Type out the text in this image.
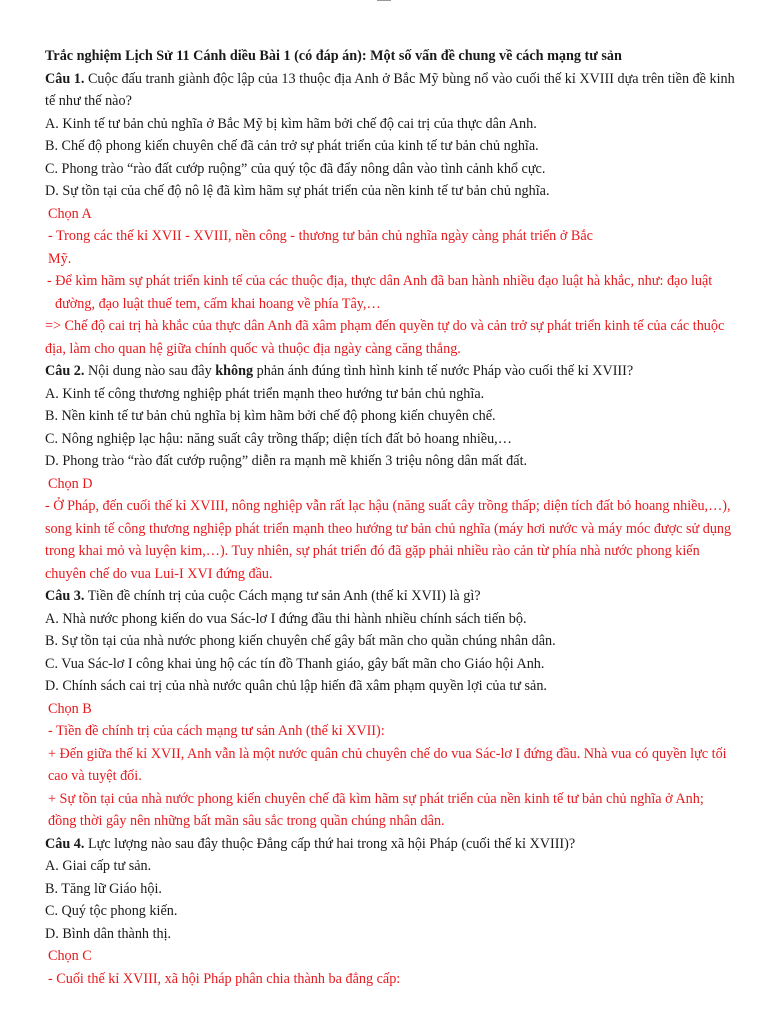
Trắc nghiệm Lịch Sử 11 Cánh diều Bài 1 (có đáp án): Một số vấn đề chung về cách mạng tư sản

Câu 1. Cuộc đấu tranh giành độc lập của 13 thuộc địa Anh ở Bắc Mỹ bùng nổ vào cuối thế kỉ XVIII dựa trên tiền đề kinh tế như thế nào?

A. Kinh tế tư bản chủ nghĩa ở Bắc Mỹ bị kìm hãm bởi chế độ cai trị của thực dân Anh.

B. Chế độ phong kiến chuyên chế đã cản trở sự phát triển của kinh tế tư bản chủ nghĩa.

C. Phong trào “rào đất cướp ruộng” của quý tộc đã đẩy nông dân vào tình cảnh khổ cực.

D. Sự tồn tại của chế độ nô lệ đã kìm hãm sự phát triển của nền kinh tế tư bản chủ nghĩa.

Chọn A

- Trong các thế kỉ XVII - XVIII, nền công - thương tư bản chủ nghĩa ngày càng phát triển ở Bắc

Mỹ.

- Để kìm hãm sự phát triển kinh tế của các thuộc địa, thực dân Anh đã ban hành nhiều đạo luật hà khắc, như: đạo luật đường, đạo luật thuế tem, cấm khai hoang về phía Tây,…

=> Chế độ cai trị hà khắc của thực dân Anh đã xâm phạm đến quyền tự do và cản trở sự phát triển kinh tế của các thuộc địa, làm cho quan hệ giữa chính quốc và thuộc địa ngày càng căng thẳng.

Câu 2. Nội dung nào sau đây không phản ánh đúng tình hình kinh tế nước Pháp vào cuối thế kỉ XVIII?

A. Kinh tế công thương nghiệp phát triển mạnh theo hướng tư bản chủ nghĩa.

B. Nền kinh tế tư bản chủ nghĩa bị kìm hãm bởi chế độ phong kiến chuyên chế.

C. Nông nghiệp lạc hậu: năng suất cây trồng thấp; diện tích đất bỏ hoang nhiều,…

D. Phong trào “rào đất cướp ruộng” diễn ra mạnh mẽ khiến 3 triệu nông dân mất đất.

Chọn D

- Ở Pháp, đến cuối thế kỉ XVIII, nông nghiệp vẫn rất lạc hậu (năng suất cây trồng thấp; diện tích đất bỏ hoang nhiều,…), song kinh tế công thương nghiệp phát triển mạnh theo hướng tư bản chủ nghĩa (máy hơi nước và máy móc được sử dụng trong khai mỏ và luyện kim,…). Tuy nhiên, sự phát triển đó đã gặp phải nhiều rào cản từ phía nhà nước phong kiến chuyên chế do vua Lui-I XVI đứng đầu.

Câu 3. Tiền đề chính trị của cuộc Cách mạng tư sản Anh (thế kỉ XVII) là gì?

A. Nhà nước phong kiến do vua Sác-lơ I đứng đầu thi hành nhiều chính sách tiến bộ.

B. Sự tồn tại của nhà nước phong kiến chuyên chế gây bất mãn cho quần chúng nhân dân.

C. Vua Sác-lơ I công khai ủng hộ các tín đồ Thanh giáo, gây bất mãn cho Giáo hội Anh.

D. Chính sách cai trị của nhà nước quân chủ lập hiến đã xâm phạm quyền lợi của tư sản.

Chọn B

- Tiền đề chính trị của cách mạng tư sản Anh (thế kỉ XVII):

+ Đến giữa thế kỉ XVII, Anh vẫn là một nước quân chủ chuyên chế do vua Sác-lơ I đứng đầu. Nhà vua có quyền lực tối cao và tuyệt đối.

+ Sự tồn tại của nhà nước phong kiến chuyên chế đã kìm hãm sự phát triển của nền kinh tế tư bản chủ nghĩa ở Anh; đồng thời gây nên những bất mãn sâu sắc trong quần chúng nhân dân.

Câu 4. Lực lượng nào sau đây thuộc Đẳng cấp thứ hai trong xã hội Pháp (cuối thế kỉ XVIII)?

A. Giai cấp tư sản.

B. Tăng lữ Giáo hội.

C. Quý tộc phong kiến.

D. Bình dân thành thị.

Chọn C

- Cuối thế kỉ XVIII, xã hội Pháp phân chia thành ba đẳng cấp:
